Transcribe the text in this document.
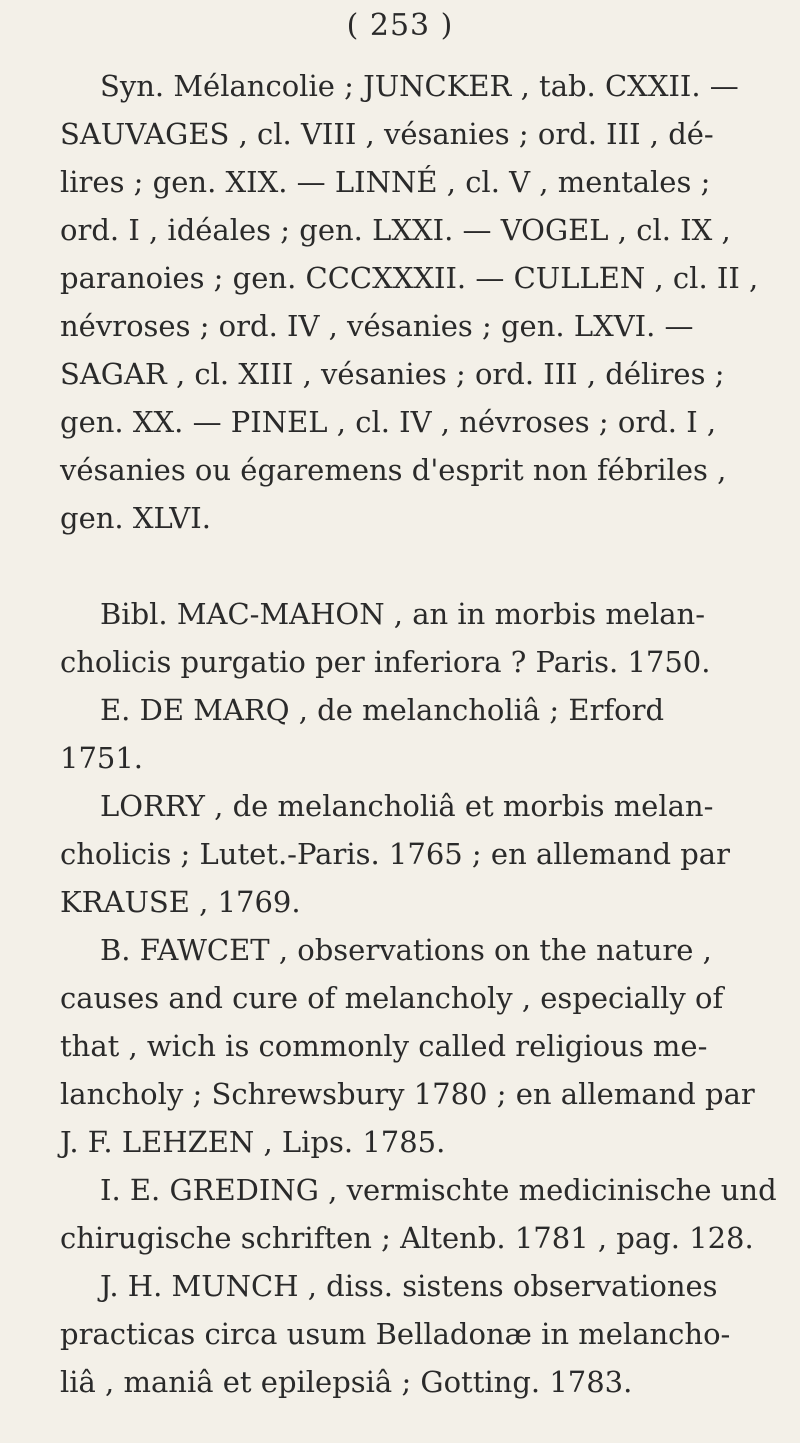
( 253 )
Syn. Mélancolie ; JUNCKER , tab. CXXII. —
SAUVAGES , cl. VIII , vésanies ; ord. III , dé-
lires ; gen. XIX. — LINNÉ , cl. V , mentales ;
ord. I , idéales ; gen. LXXI. — VOGEL , cl. IX ,
paranoies ; gen. CCCXXXII. — CULLEN , cl. II ,
névroses ; ord. IV , vésanies ; gen. LXVI. —
SAGAR , cl. XIII , vésanies ; ord. III , délires ;
gen. XX. — PINEL , cl. IV , névroses ; ord. I ,
vésanies ou égaremens d'esprit non fébriles ,
gen. XLVI.
Bibl. MAC-MAHON , an in morbis melan-
cholicis purgatio per inferiora ? Paris. 1750.
E. DE MARQ , de melancholiâ ; Erford
1751.
LORRY , de melancholiâ et morbis melan-
cholicis ; Lutet.-Paris. 1765 ; en allemand par
KRAUSE , 1769.
B. FAWCET , observations on the nature ,
causes and cure of melancholy , especially of
that , wich is commonly called religious me-
lancholy ; Schrewsbury 1780 ; en allemand par
J. F. LEHZEN , Lips. 1785.
I. E. GREDING , vermischte medicinische und
chirugische schriften ; Altenb. 1781 , pag. 128.
J. H. MUNCH , diss. sistens observationes
practicas circa usum Belladonæ in melancho-
liâ , maniâ et epilepsiâ ; Gotting. 1783.
